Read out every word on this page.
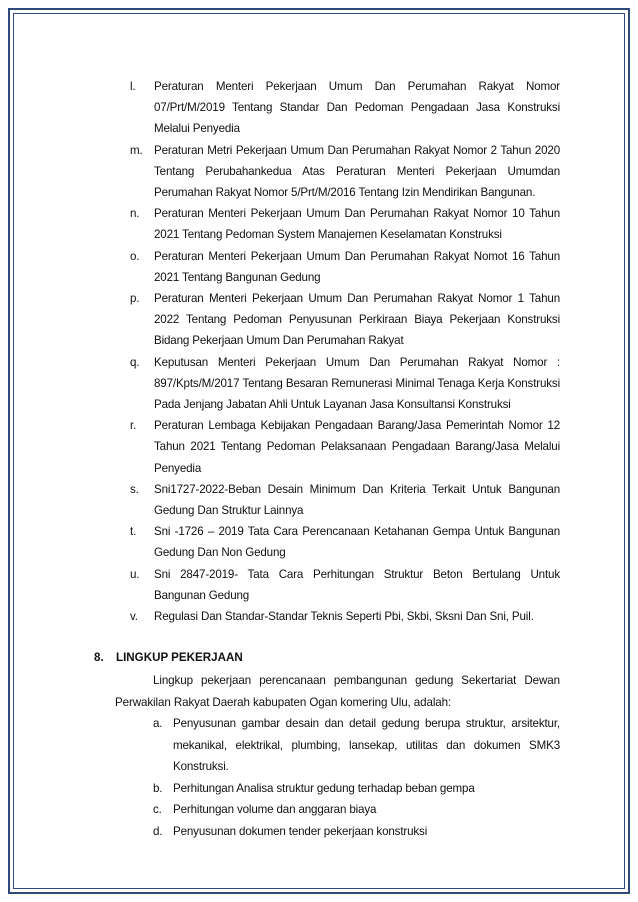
l. Peraturan Menteri Pekerjaan Umum Dan Perumahan Rakyat Nomor 07/Prt/M/2019 Tentang Standar Dan Pedoman Pengadaan Jasa Konstruksi Melalui Penyedia
m. Peraturan Metri Pekerjaan Umum Dan Perumahan Rakyat Nomor 2 Tahun 2020 Tentang Perubahankedua Atas Peraturan Menteri Pekerjaan Umumdan Perumahan Rakyat Nomor 5/Prt/M/2016 Tentang Izin Mendirikan Bangunan.
n. Peraturan Menteri Pekerjaan Umum Dan Perumahan Rakyat Nomor 10 Tahun 2021 Tentang Pedoman System Manajemen Keselamatan Konstruksi
o. Peraturan Menteri Pekerjaan Umum Dan Perumahan Rakyat Nomot 16 Tahun 2021 Tentang Bangunan Gedung
p. Peraturan Menteri Pekerjaan Umum Dan Perumahan Rakyat Nomor 1 Tahun 2022 Tentang Pedoman Penyusunan Perkiraan Biaya Pekerjaan Konstruksi Bidang Pekerjaan Umum Dan Perumahan Rakyat
q. Keputusan Menteri Pekerjaan Umum Dan Perumahan Rakyat Nomor : 897/Kpts/M/2017 Tentang Besaran Remunerasi Minimal Tenaga Kerja Konstruksi Pada Jenjang Jabatan Ahli Untuk Layanan Jasa Konsultansi Konstruksi
r. Peraturan Lembaga Kebijakan Pengadaan Barang/Jasa Pemerintah Nomor 12 Tahun 2021 Tentang Pedoman Pelaksanaan Pengadaan Barang/Jasa Melalui Penyedia
s. Sni1727-2022-Beban Desain Minimum Dan Kriteria Terkait Untuk Bangunan Gedung Dan Struktur Lainnya
t. Sni -1726 – 2019 Tata Cara Perencanaan Ketahanan Gempa Untuk Bangunan Gedung Dan Non Gedung
u. Sni 2847-2019- Tata Cara Perhitungan Struktur Beton Bertulang Untuk Bangunan Gedung
v. Regulasi Dan Standar-Standar Teknis Seperti Pbi, Skbi, Sksni Dan Sni, Puil.
8. LINGKUP PEKERJAAN
Lingkup pekerjaan perencanaan pembangunan gedung Sekertariat Dewan Perwakilan Rakyat Daerah kabupaten Ogan komering Ulu, adalah:
a. Penyusunan gambar desain dan detail gedung berupa struktur, arsitektur, mekanikal, elektrikal, plumbing, lansekap, utilitas dan dokumen SMK3 Konstruksi.
b. Perhitungan Analisa struktur gedung terhadap beban gempa
c. Perhitungan volume dan anggaran biaya
d. Penyusunan dokumen tender pekerjaan konstruksi
